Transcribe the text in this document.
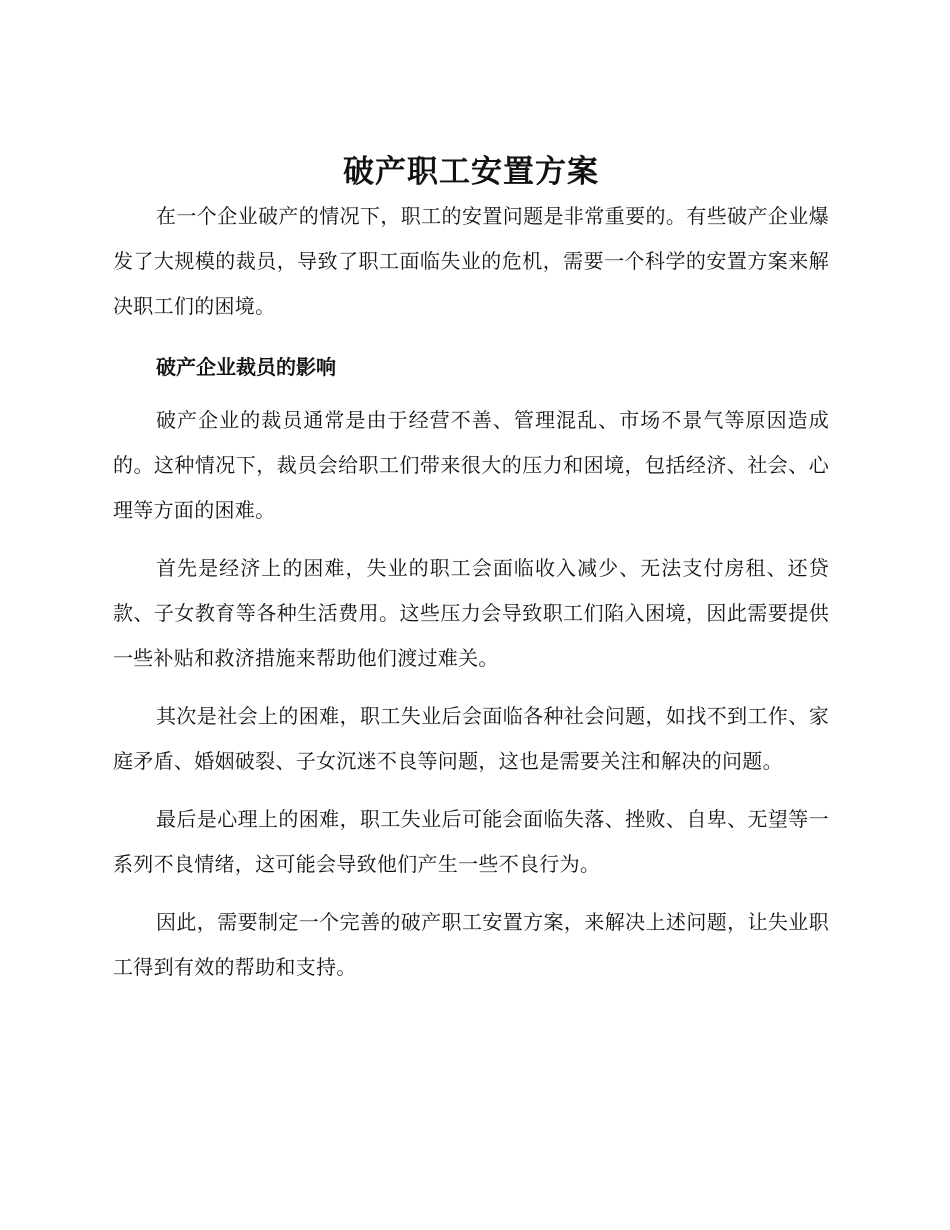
破产职工安置方案

在一个企业破产的情况下，职工的安置问题是非常重要的。有些破产企业爆发了大规模的裁员，导致了职工面临失业的危机，需要一个科学的安置方案来解决职工们的困境。

破产企业裁员的影响

破产企业的裁员通常是由于经营不善、管理混乱、市场不景气等原因造成的。这种情况下，裁员会给职工们带来很大的压力和困境，包括经济、社会、心理等方面的困难。

首先是经济上的困难，失业的职工会面临收入减少、无法支付房租、还贷款、子女教育等各种生活费用。这些压力会导致职工们陷入困境，因此需要提供一些补贴和救济措施来帮助他们渡过难关。

其次是社会上的困难，职工失业后会面临各种社会问题，如找不到工作、家庭矛盾、婚姻破裂、子女沉迷不良等问题，这也是需要关注和解决的问题。

最后是心理上的困难，职工失业后可能会面临失落、挫败、自卑、无望等一系列不良情绪，这可能会导致他们产生一些不良行为。

因此，需要制定一个完善的破产职工安置方案，来解决上述问题，让失业职工得到有效的帮助和支持。
